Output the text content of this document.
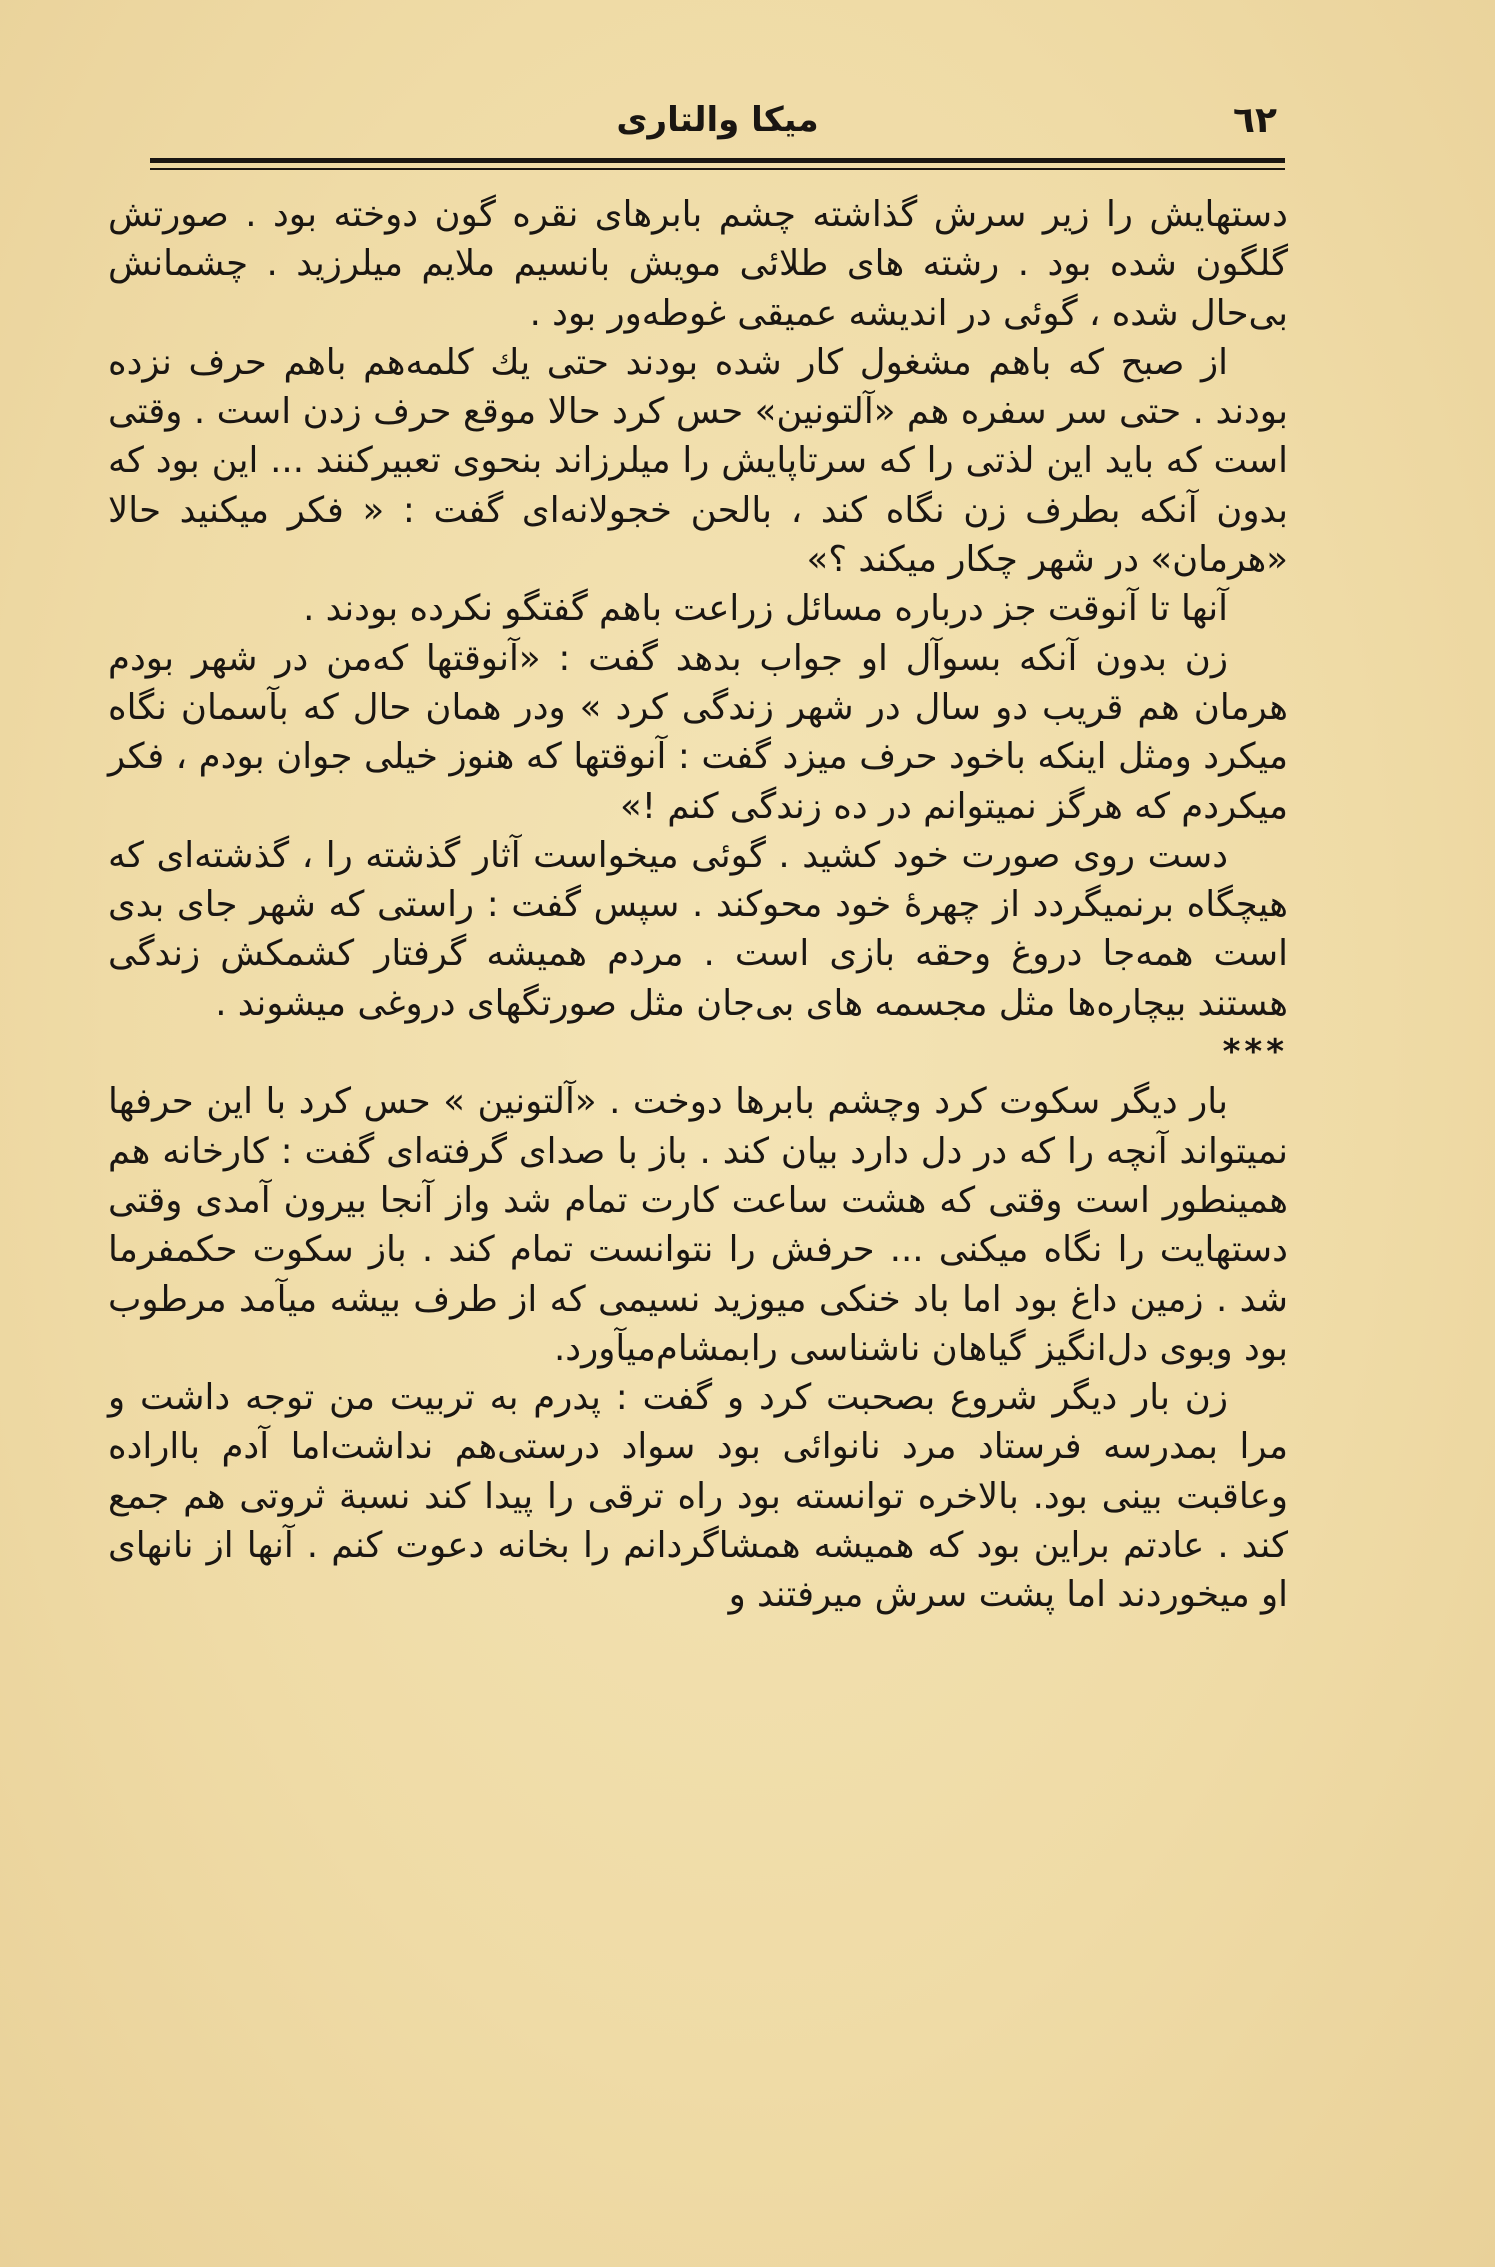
٦٢
میکا والتاری

دستهایش را زیر سرش گذاشته چشم بابرهای نقره گون دوخته بود . صورتش گلگون شده بود . رشته های طلائی مویش بانسیم ملایم میلرزید . چشمانش بی‌حال شده ، گوئی در اندیشه عمیقی غوطه‌ور بود .

از صبح که باهم مشغول کار شده بودند حتی یك کلمه‌هم باهم حرف نزده بودند . حتی سر سفره هم «آلتونین» حس کرد حالا موقع حرف زدن است . وقتی است که باید این لذتی را که سرتاپایش را میلرزاند بنحوی تعبیرکنند ... این بود که بدون آنکه بطرف زن نگاه کند ، بالحن خجولانه‌ای گفت : « فکر میکنید حالا «هرمان» در شهر چکار میکند ؟»

آنها تا آنوقت جز درباره مسائل زراعت باهم گفتگو نکرده بودند .

زن بدون آنکه بسوآل او جواب بدهد گفت : «آنوقتها که‌من در شهر بودم هرمان هم قریب دو سال در شهر زندگی کرد » ودر همان حال که بآسمان نگاه میکرد ومثل اینکه باخود حرف میزد گفت : آنوقتها که هنوز خیلی جوان بودم ، فکر میکردم که هرگز نمیتوانم در ده زندگی کنم !»

دست روی صورت خود کشید . گوئی میخواست آثار گذشته را ، گذشته‌ای که هیچگاه برنمیگردد از چهرهٔ خود محوکند . سپس گفت : راستی که شهر جای بدی است همه‌جا دروغ وحقه بازی است . مردم همیشه گرفتار کشمکش زندگی هستند بیچاره‌ها مثل مجسمه های بی‌جان مثل صورتگهای دروغی میشوند .

***

بار دیگر سکوت کرد وچشم بابرها دوخت . «آلتونین » حس کرد با این حرفها نمیتواند آنچه را که در دل دارد بیان کند . باز با صدای گرفته‌ای گفت : کارخانه هم همینطور است وقتی که هشت ساعت کارت تمام شد واز آنجا بیرون آمدی وقتی دستهایت را نگاه میکنی ... حرفش را نتوانست تمام کند . باز سکوت حکمفرما شد . زمین داغ بود اما باد خنکی میوزید نسیمی که از طرف بیشه میآمد مرطوب بود وبوی دل‌انگیز گیاهان ناشناسی رابمشام‌میآورد.

زن بار دیگر شروع بصحبت کرد و گفت : پدرم به تربیت من توجه داشت و مرا بمدرسه فرستاد مرد نانوائی بود سواد درستی‌هم نداشت‌اما آدم بااراده وعاقبت بینی بود. بالاخره توانسته بود راه ترقی را پیدا کند نسبة ثروتی هم جمع کند . عادتم براین بود که همیشه همشاگردانم را بخانه دعوت کنم . آنها از نانهای او میخوردند اما پشت سرش میرفتند و
